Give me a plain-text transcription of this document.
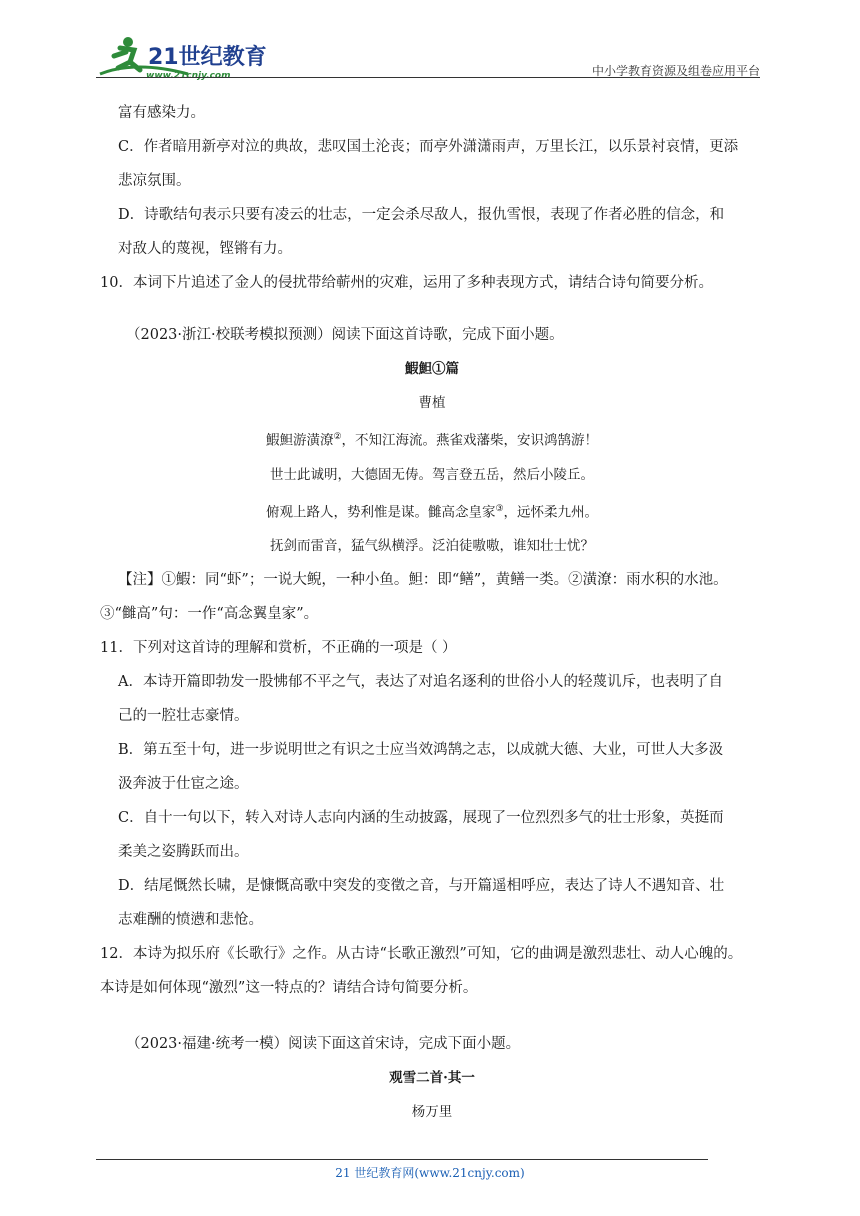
21世纪教育
www.21cnjy.com	中小学教育资源及组卷应用平台

富有感染力。

C．作者暗用新亭对泣的典故，悲叹国土沦丧；而亭外潇潇雨声，万里长江，以乐景衬哀情，更添

悲凉氛围。

D．诗歌结句表示只要有凌云的壮志，一定会杀尽敌人，报仇雪恨，表现了作者必胜的信念，和

对敌人的蔑视，铿锵有力。

10．本词下片追述了金人的侵扰带给蕲州的灾难，运用了多种表现方式，请结合诗句简要分析。

（2023·浙江·校联考模拟预测）阅读下面这首诗歌，完成下面小题。

鰕䱇①篇

曹植

鰕䱇游潢潦②，不知江海流。燕雀戏藩柴，安识鸿鹄游！

世士此诚明，大德固无俦。驾言登五岳，然后小陵丘。

俯观上路人，势利惟是谋。雠高念皇家③，远怀柔九州。

抚剑而雷音，猛气纵横浮。泛泊徒嗷嗷，谁知壮士忧？

【注】①鰕：同“虾”；一说大鲵，一种小鱼。䱇：即“鳝”，黄鳝一类。②潢潦：雨水积的水池。

③“雠高”句：一作“高念翼皇家”。

11．下列对这首诗的理解和赏析，不正确的一项是（ ）

A．本诗开篇即勃发一股怫郁不平之气，表达了对追名逐利的世俗小人的轻蔑讥斥，也表明了自

己的一腔壮志豪情。

B．第五至十句，进一步说明世之有识之士应当效鸿鹄之志，以成就大德、大业，可世人大多汲

汲奔波于仕宦之途。

C．自十一句以下，转入对诗人志向内涵的生动披露，展现了一位烈烈多气的壮士形象，英挺而

柔美之姿腾跃而出。

D．结尾慨然长啸，是慷慨高歌中突发的变徵之音，与开篇遥相呼应，表达了诗人不遇知音、壮

志难酬的愤懑和悲怆。

12．本诗为拟乐府《长歌行》之作。从古诗“长歌正激烈”可知，它的曲调是激烈悲壮、动人心魄的。

本诗是如何体现“激烈”这一特点的？请结合诗句简要分析。

（2023·福建·统考一模）阅读下面这首宋诗，完成下面小题。

观雪二首·其一

杨万里

21 世纪教育网(www.21cnjy.com)
